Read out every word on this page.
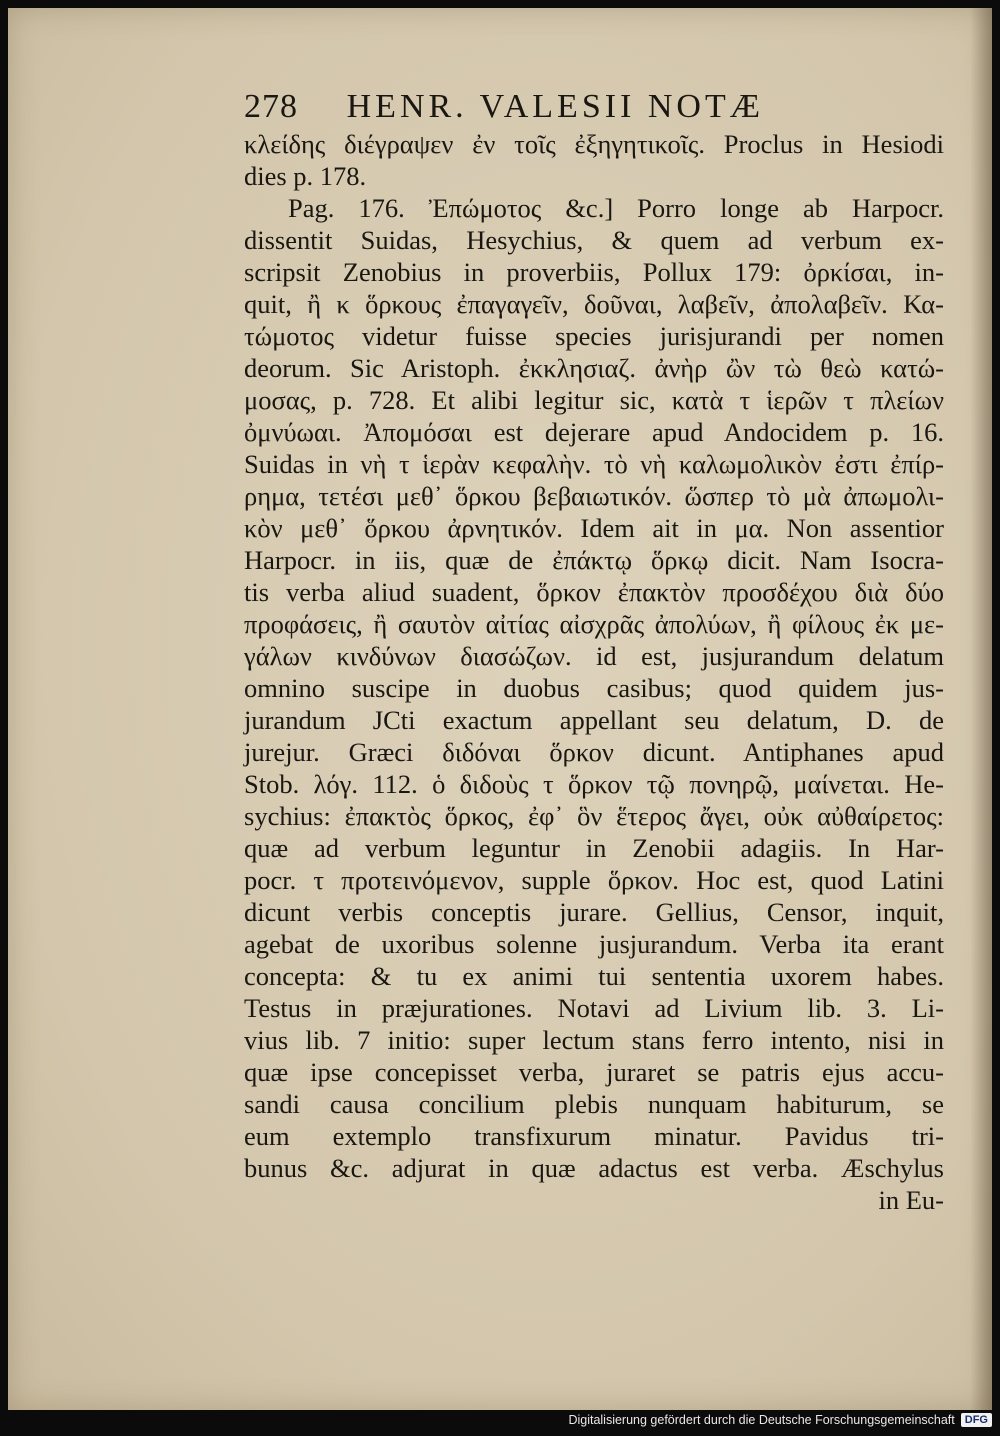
278 HENR. VALESII NOTÆ
κλείδης διέγραψεν ἐν τοῖς ἐξηγητικοῖς. Proclus in Hesiodi
dies p. 178.
Pag. 176. Ἐπώμοτος &c.] Porro longe ab Harpocr.
dissentit Suidas, Hesychius, & quem ad verbum ex-
scripsit Zenobius in proverbiis, Pollux 179: ὀρκίσαι, in-
quit, ἢ κ ὅρκους ἐπαγαγεῖν, δοῦναι, λαβεῖν, ἀπολαβεῖν. Κα-
τώμοτος videtur fuisse species jurisjurandi per nomen
deorum. Sic Aristoph. ἐκκλησιαζ. ἀνὴρ ὢν τὼ θεὼ κατώ-
μοσας, p. 728. Et alibi legitur sic, κατὰ τ ἱερῶν τ πλείων
ὀμνύωαι. Ἀπομόσαι est dejerare apud Andocidem p. 16.
Suidas in νὴ τ ἱερὰν κεφαλὴν. τὸ νὴ καλωμολικὸν ἐστι ἐπίρ-
ρημα, τετέσι μεθ᾽ ὅρκου βεβαιωτικόν. ὥσπερ τὸ μὰ ἀπωμολι-
κὸν μεθ᾽ ὅρκου ἀρνητικόν. Idem ait in μα. Non assentior
Harpocr. in iis, quæ de ἐπάκτῳ ὅρκῳ dicit. Nam Isocra-
tis verba aliud suadent, ὅρκον ἐπακτὸν προσδέχου διὰ δύο
προφάσεις, ἢ σαυτὸν αἰτίας αἰσχρᾶς ἀπολύων, ἢ φίλους ἐκ με-
γάλων κινδύνων διασώζων. id est, jusjurandum delatum
omnino suscipe in duobus casibus; quod quidem jus-
jurandum JCti exactum appellant seu delatum, D. de
jurejur. Græci διδόναι ὅρκον dicunt. Antiphanes apud
Stob. λόγ. 112. ὁ διδοὺς τ ὅρκον τῷ πονηρῷ, μαίνεται. He-
sychius: ἐπακτὸς ὅρκος, ἐφ᾽ ὃν ἕτερος ἄγει, οὐκ αὐθαίρετος:
quæ ad verbum leguntur in Zenobii adagiis. In Har-
pocr. τ προτεινόμενον, supple ὅρκον. Hoc est, quod Latini
dicunt verbis conceptis jurare. Gellius, Censor, inquit,
agebat de uxoribus solenne jusjurandum. Verba ita erant
concepta: & tu ex animi tui sententia uxorem habes.
Testus in præjurationes. Notavi ad Livium lib. 3. Li-
vius lib. 7 initio: super lectum stans ferro intento, nisi in
quæ ipse concepisset verba, juraret se patris ejus accu-
sandi causa concilium plebis nunquam habiturum, se
eum extemplo transfixurum minatur. Pavidus tri-
bunus &c. adjurat in quæ adactus est verba. Æschylus
in Eu-
Digitalisierung gefördert durch die Deutsche Forschungsgemeinschaft DFG
